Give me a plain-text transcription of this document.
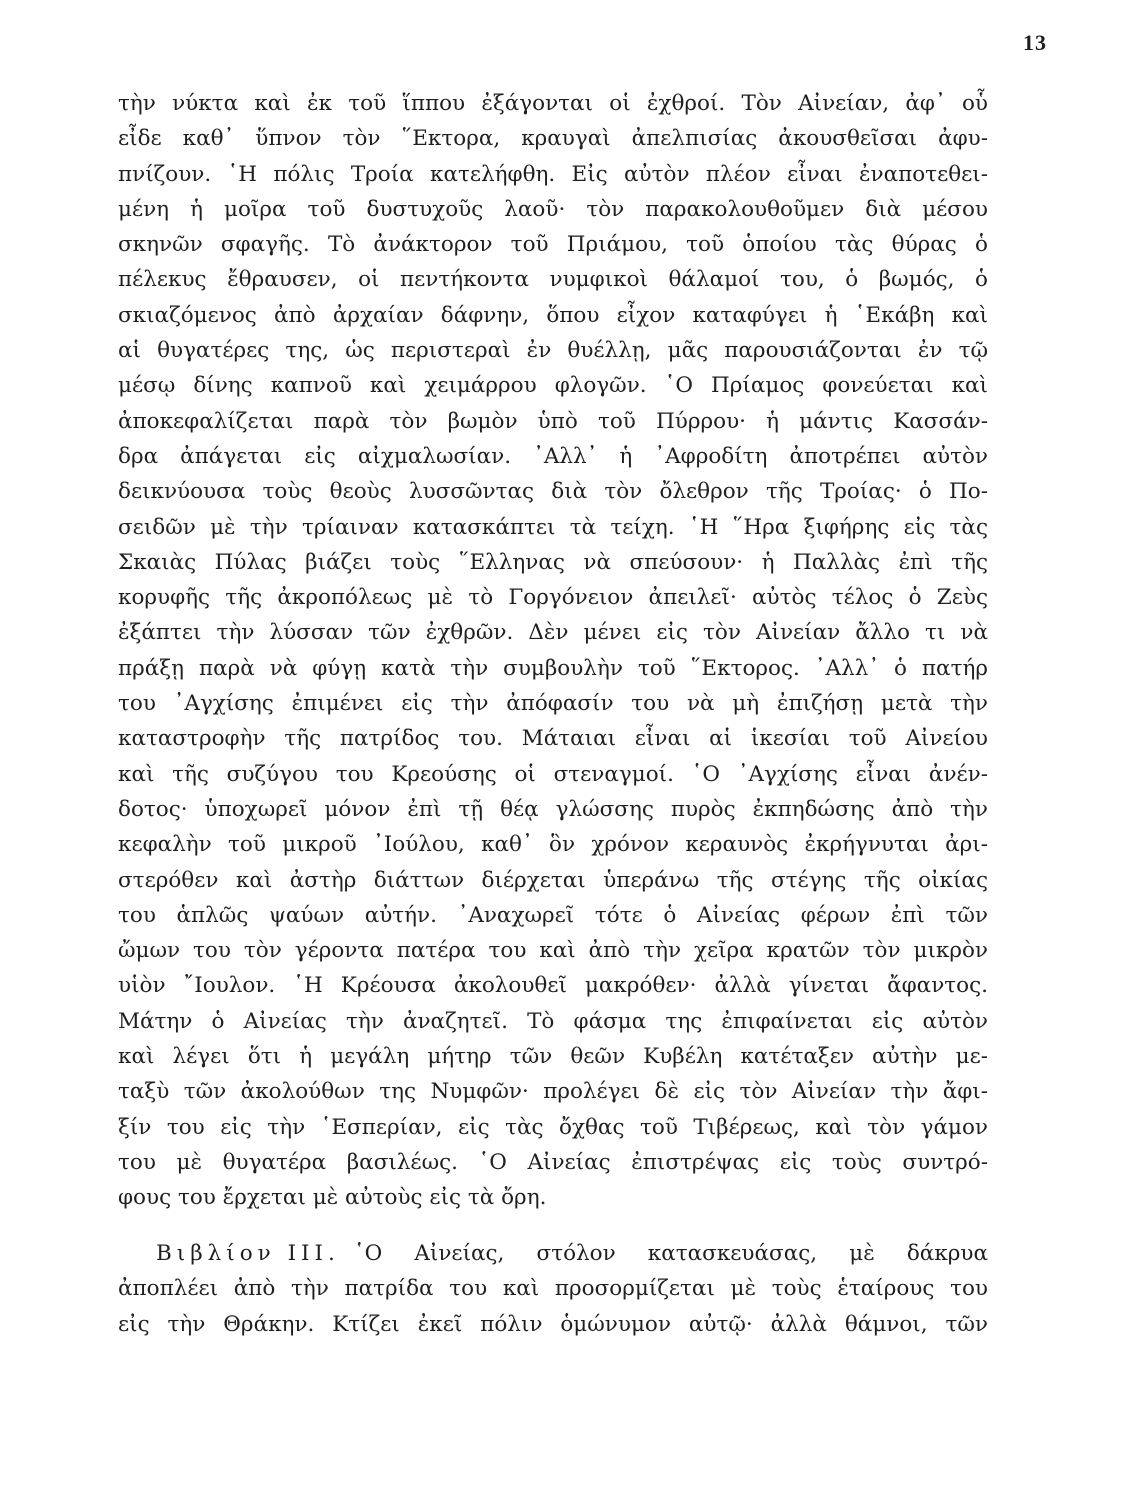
13
τὴν νύκτα καὶ ἐκ τοῦ ἵππου ἐξάγονται οἱ ἐχθροί. Τὸν Αἰνείαν, ἀφ᾽ οὗ
εἶδε καθ᾽ ὕπνον τὸν ῞Εκτορα, κραυγαὶ ἀπελπισίας ἀκουσθεῖσαι ἀφυ-
πνίζουν. ῾Η πόλις Τροία κατελήφθη. Εἰς αὐτὸν πλέον εἶναι ἐναποτεθει-
μένη ἡ μοῖρα τοῦ δυστυχοῦς λαοῦ· τὸν παρακολουθοῦμεν διὰ μέσου
σκηνῶν σφαγῆς. Τὸ ἀνάκτορον τοῦ Πριάμου, τοῦ ὁποίου τὰς θύρας ὁ
πέλεκυς ἔθραυσεν, οἱ πεντήκοντα νυμφικοὶ θάλαμοί του, ὁ βωμός, ὁ
σκιαζόμενος ἀπὸ ἀρχαίαν δάφνην, ὅπου εἶχον καταφύγει ἡ ῾Εκάβη καὶ
αἱ θυγατέρες της, ὡς περιστεραὶ ἐν θυέλλῃ, μᾶς παρουσιάζονται ἐν τῷ
μέσῳ δίνης καπνοῦ καὶ χειμάρρου φλογῶν. ῾Ο Πρίαμος φονεύεται καὶ
ἀποκεφαλίζεται παρὰ τὸν βωμὸν ὑπὸ τοῦ Πύρρου· ἡ μάντις Κασσάν-
δρα ἀπάγεται εἰς αἰχμαλωσίαν. ᾽Αλλ᾽ ἡ ᾽Αφροδίτη ἀποτρέπει αὐτὸν
δεικνύουσα τοὺς θεοὺς λυσσῶντας διὰ τὸν ὄλεθρον τῆς Τροίας· ὁ Πο-
σειδῶν μὲ τὴν τρίαιναν κατασκάπτει τὰ τείχη. ῾Η ῞Ηρα ξιφήρης εἰς τὰς
Σκαιὰς Πύλας βιάζει τοὺς ῞Ελληνας νὰ σπεύσουν· ἡ Παλλὰς ἐπὶ τῆς
κορυφῆς τῆς ἀκροπόλεως μὲ τὸ Γοργόνειον ἀπειλεῖ· αὐτὸς τέλος ὁ Ζεὺς
ἐξάπτει τὴν λύσσαν τῶν ἐχθρῶν. Δὲν μένει εἰς τὸν Αἰνείαν ἄλλο τι νὰ
πράξῃ παρὰ νὰ φύγῃ κατὰ τὴν συμβουλὴν τοῦ ῞Εκτορος. ᾽Αλλ᾽ ὁ πατήρ
του ᾽Αγχίσης ἐπιμένει εἰς τὴν ἀπόφασίν του νὰ μὴ ἐπιζήσῃ μετὰ τὴν
καταστροφὴν τῆς πατρίδος του. Μάταιαι εἶναι αἱ ἱκεσίαι τοῦ Αἰνείου
καὶ τῆς συζύγου του Κρεούσης οἱ στεναγμοί. ῾Ο ᾽Αγχίσης εἶναι ἀνέν-
δοτος· ὑποχωρεῖ μόνον ἐπὶ τῇ θέᾳ γλώσσης πυρὸς ἐκπηδώσης ἀπὸ τὴν
κεφαλὴν τοῦ μικροῦ ᾽Ιούλου, καθ᾽ ὃν χρόνον κεραυνὸς ἐκρήγνυται ἀρι-
στερόθεν καὶ ἀστὴρ διάττων διέρχεται ὑπεράνω τῆς στέγης τῆς οἰκίας
του ἁπλῶς ψαύων αὐτήν. ᾽Αναχωρεῖ τότε ὁ Αἰνείας φέρων ἐπὶ τῶν
ὤμων του τὸν γέροντα πατέρα του καὶ ἀπὸ τὴν χεῖρα κρατῶν τὸν μικρὸν
υἱὸν ῎Ιουλον. ῾Η Κρέουσα ἀκολουθεῖ μακρόθεν· ἀλλὰ γίνεται ἄφαντος.
Μάτην ὁ Αἰνείας τὴν ἀναζητεῖ. Τὸ φάσμα της ἐπιφαίνεται εἰς αὐτὸν
καὶ λέγει ὅτι ἡ μεγάλη μήτηρ τῶν θεῶν Κυβέλη κατέταξεν αὐτὴν με-
ταξὺ τῶν ἀκολούθων της Νυμφῶν· προλέγει δὲ εἰς τὸν Αἰνείαν τὴν ἄφι-
ξίν του εἰς τὴν ῾Εσπερίαν, εἰς τὰς ὄχθας τοῦ Τιβέρεως, καὶ τὸν γάμον
του μὲ θυγατέρα βασιλέως. ῾Ο Αἰνείας ἐπιστρέψας εἰς τοὺς συντρό-
φους του ἔρχεται μὲ αὐτοὺς εἰς τὰ ὄρη.
Βιβλίον ΙΙΙ. ῾Ο Αἰνείας, στόλον κατασκευάσας, μὲ δάκρυα
ἀποπλέει ἀπὸ τὴν πατρίδα του καὶ προσορμίζεται μὲ τοὺς ἑταίρους του
εἰς τὴν Θράκην. Κτίζει ἐκεῖ πόλιν ὁμώνυμον αὐτῷ· ἀλλὰ θάμνοι, τῶν
